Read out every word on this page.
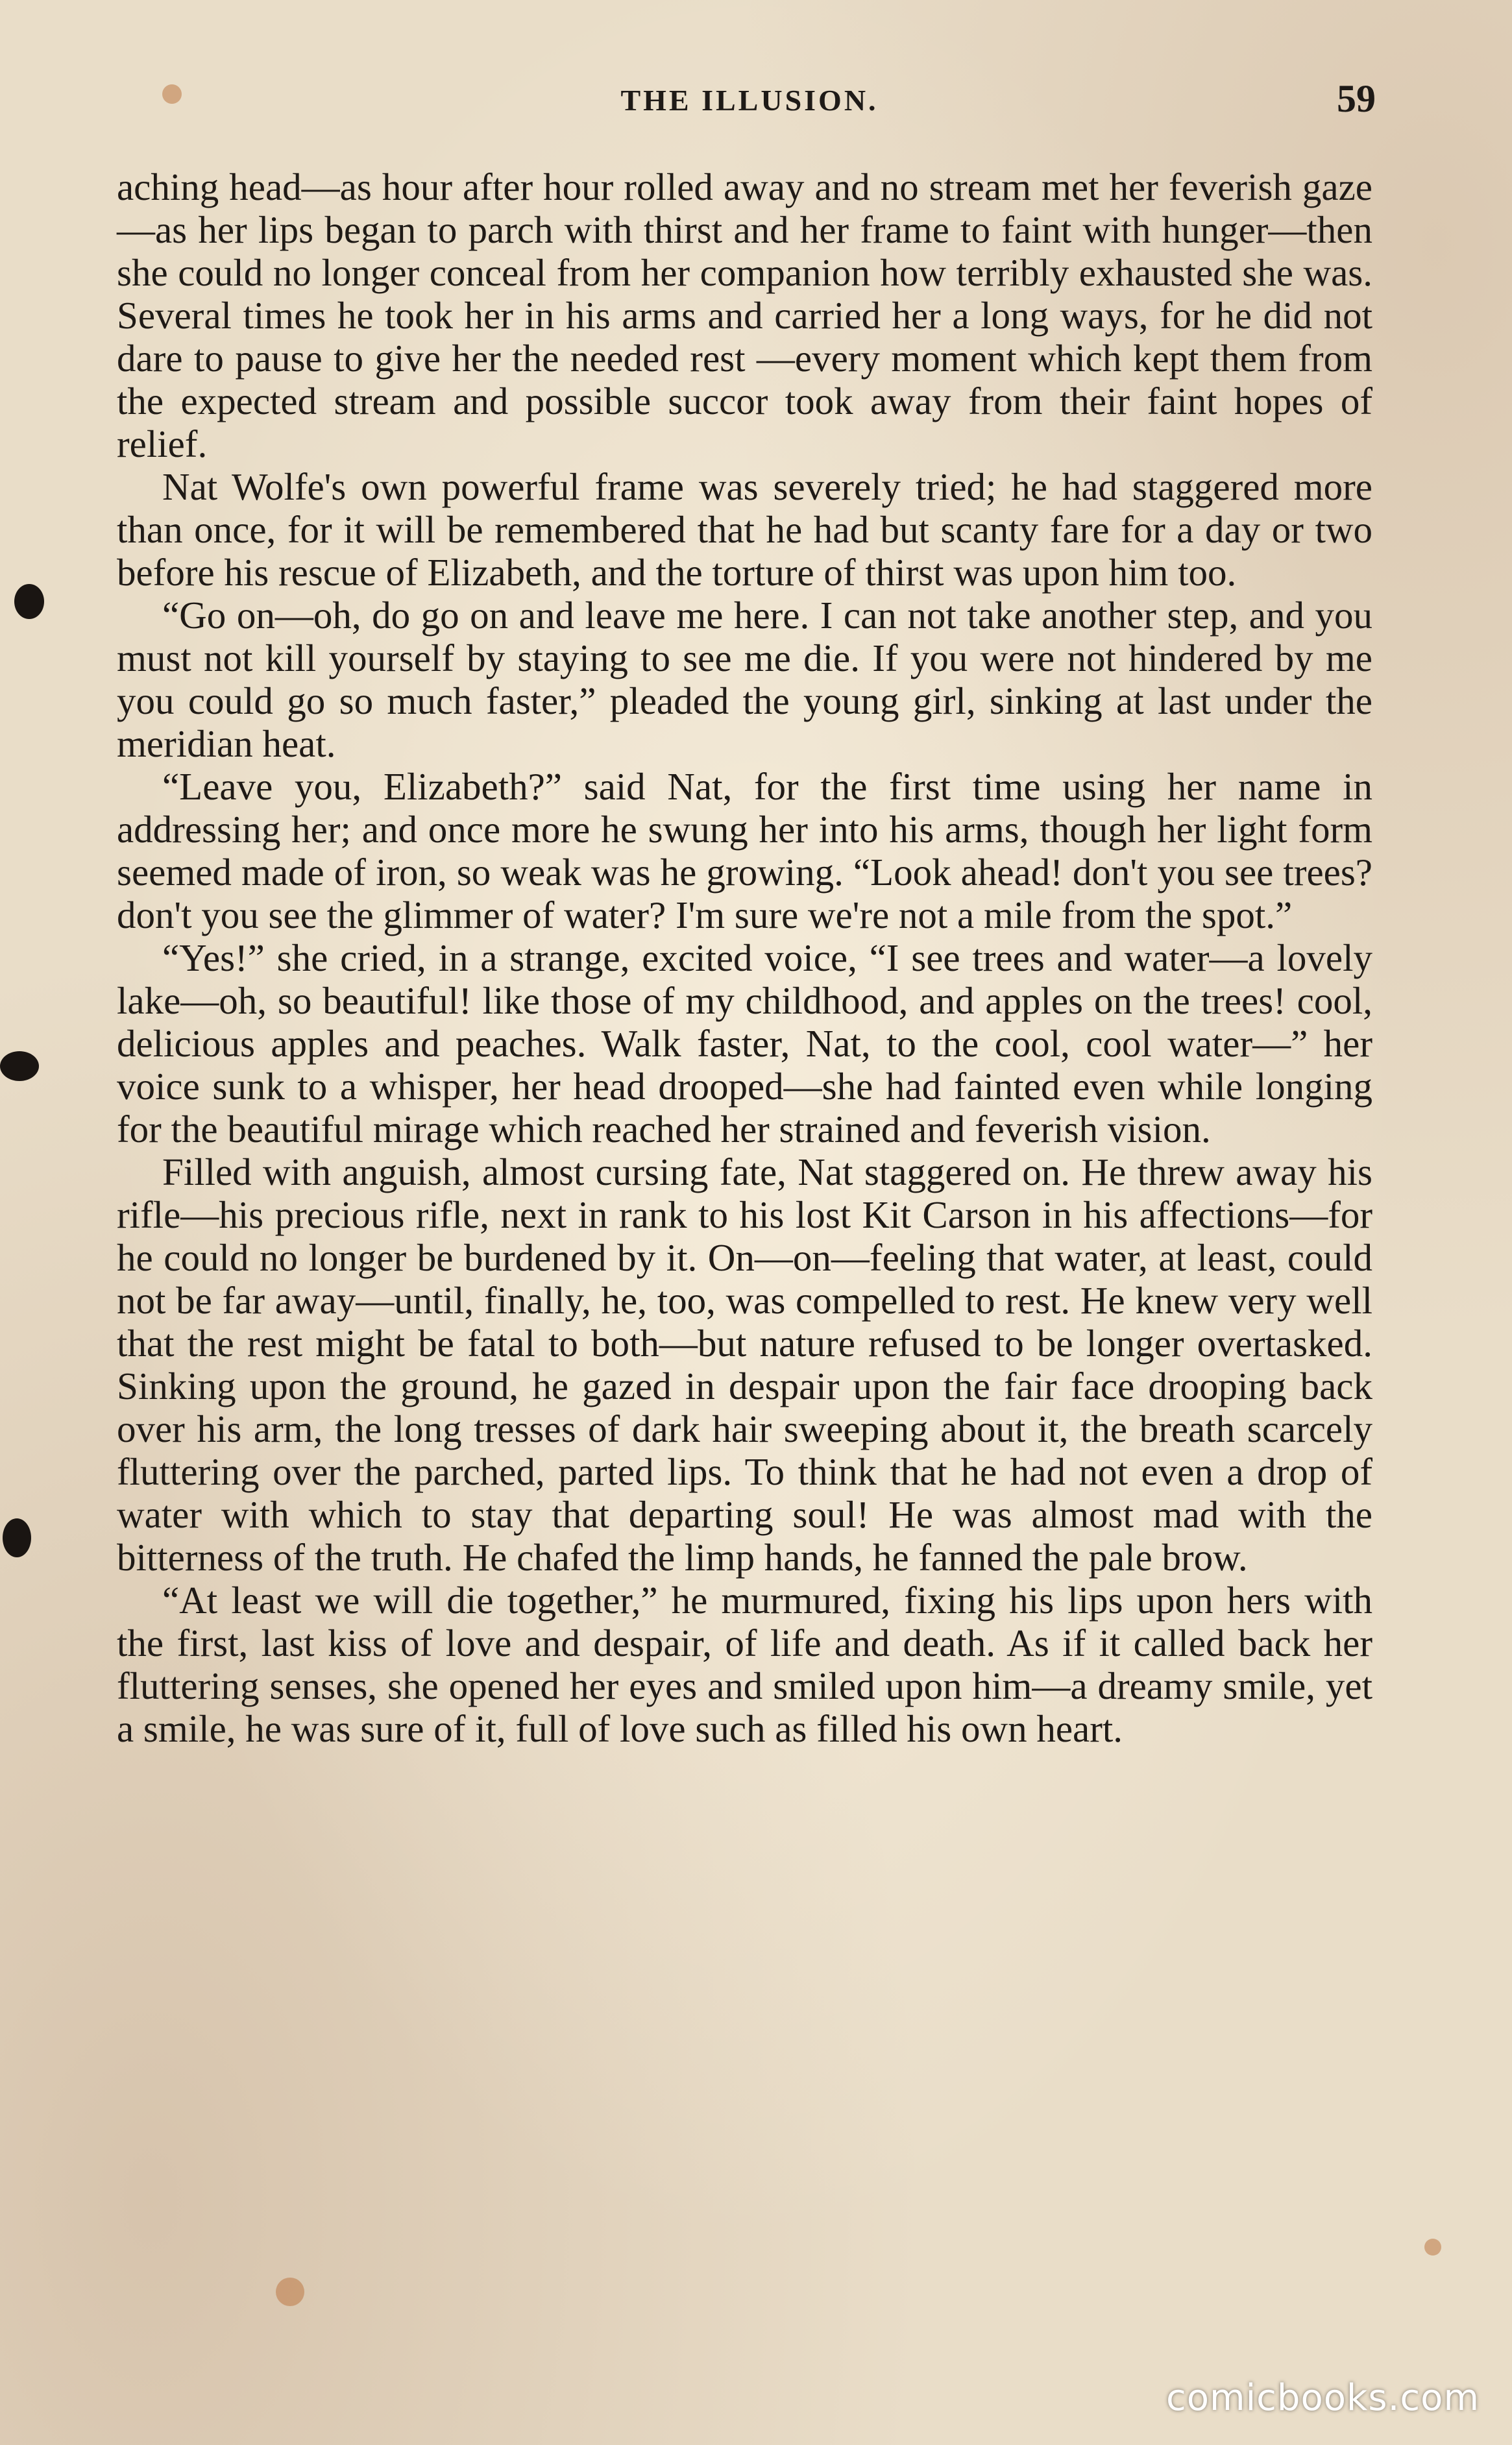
THE ILLUSION.	59

aching head—as hour after hour rolled away and no stream met her feverish gaze—as her lips began to parch with thirst and her frame to faint with hunger—then she could no longer conceal from her companion how terribly exhausted she was. Several times he took her in his arms and carried her a long ways, for he did not dare to pause to give her the needed rest —every moment which kept them from the expected stream and possible succor took away from their faint hopes of relief.

Nat Wolfe's own powerful frame was severely tried; he had staggered more than once, for it will be remembered that he had but scanty fare for a day or two before his rescue of Elizabeth, and the torture of thirst was upon him too.

“Go on—oh, do go on and leave me here. I can not take another step, and you must not kill yourself by staying to see me die. If you were not hindered by me you could go so much faster,” pleaded the young girl, sinking at last under the meridian heat.

“Leave you, Elizabeth?” said Nat, for the first time using her name in addressing her; and once more he swung her into his arms, though her light form seemed made of iron, so weak was he growing. “Look ahead! don't you see trees? don't you see the glimmer of water? I'm sure we're not a mile from the spot.”

“Yes!” she cried, in a strange, excited voice, “I see trees and water—a lovely lake—oh, so beautiful! like those of my childhood, and apples on the trees! cool, delicious apples and peaches. Walk faster, Nat, to the cool, cool water—” her voice sunk to a whisper, her head drooped—she had fainted even while longing for the beautiful mirage which reached her strained and feverish vision.

Filled with anguish, almost cursing fate, Nat staggered on. He threw away his rifle—his precious rifle, next in rank to his lost Kit Carson in his affections—for he could no longer be burdened by it. On—on—feeling that water, at least, could not be far away—until, finally, he, too, was compelled to rest. He knew very well that the rest might be fatal to both—but nature refused to be longer overtasked. Sinking upon the ground, he gazed in despair upon the fair face drooping back over his arm, the long tresses of dark hair sweeping about it, the breath scarcely fluttering over the parched, parted lips. To think that he had not even a drop of water with which to stay that departing soul! He was almost mad with the bitterness of the truth. He chafed the limp hands, he fanned the pale brow.

“At least we will die together,” he murmured, fixing his lips upon hers with the first, last kiss of love and despair, of life and death. As if it called back her fluttering senses, she opened her eyes and smiled upon him—a dreamy smile, yet a smile, he was sure of it, full of love such as filled his own heart.

comicbooks.com
